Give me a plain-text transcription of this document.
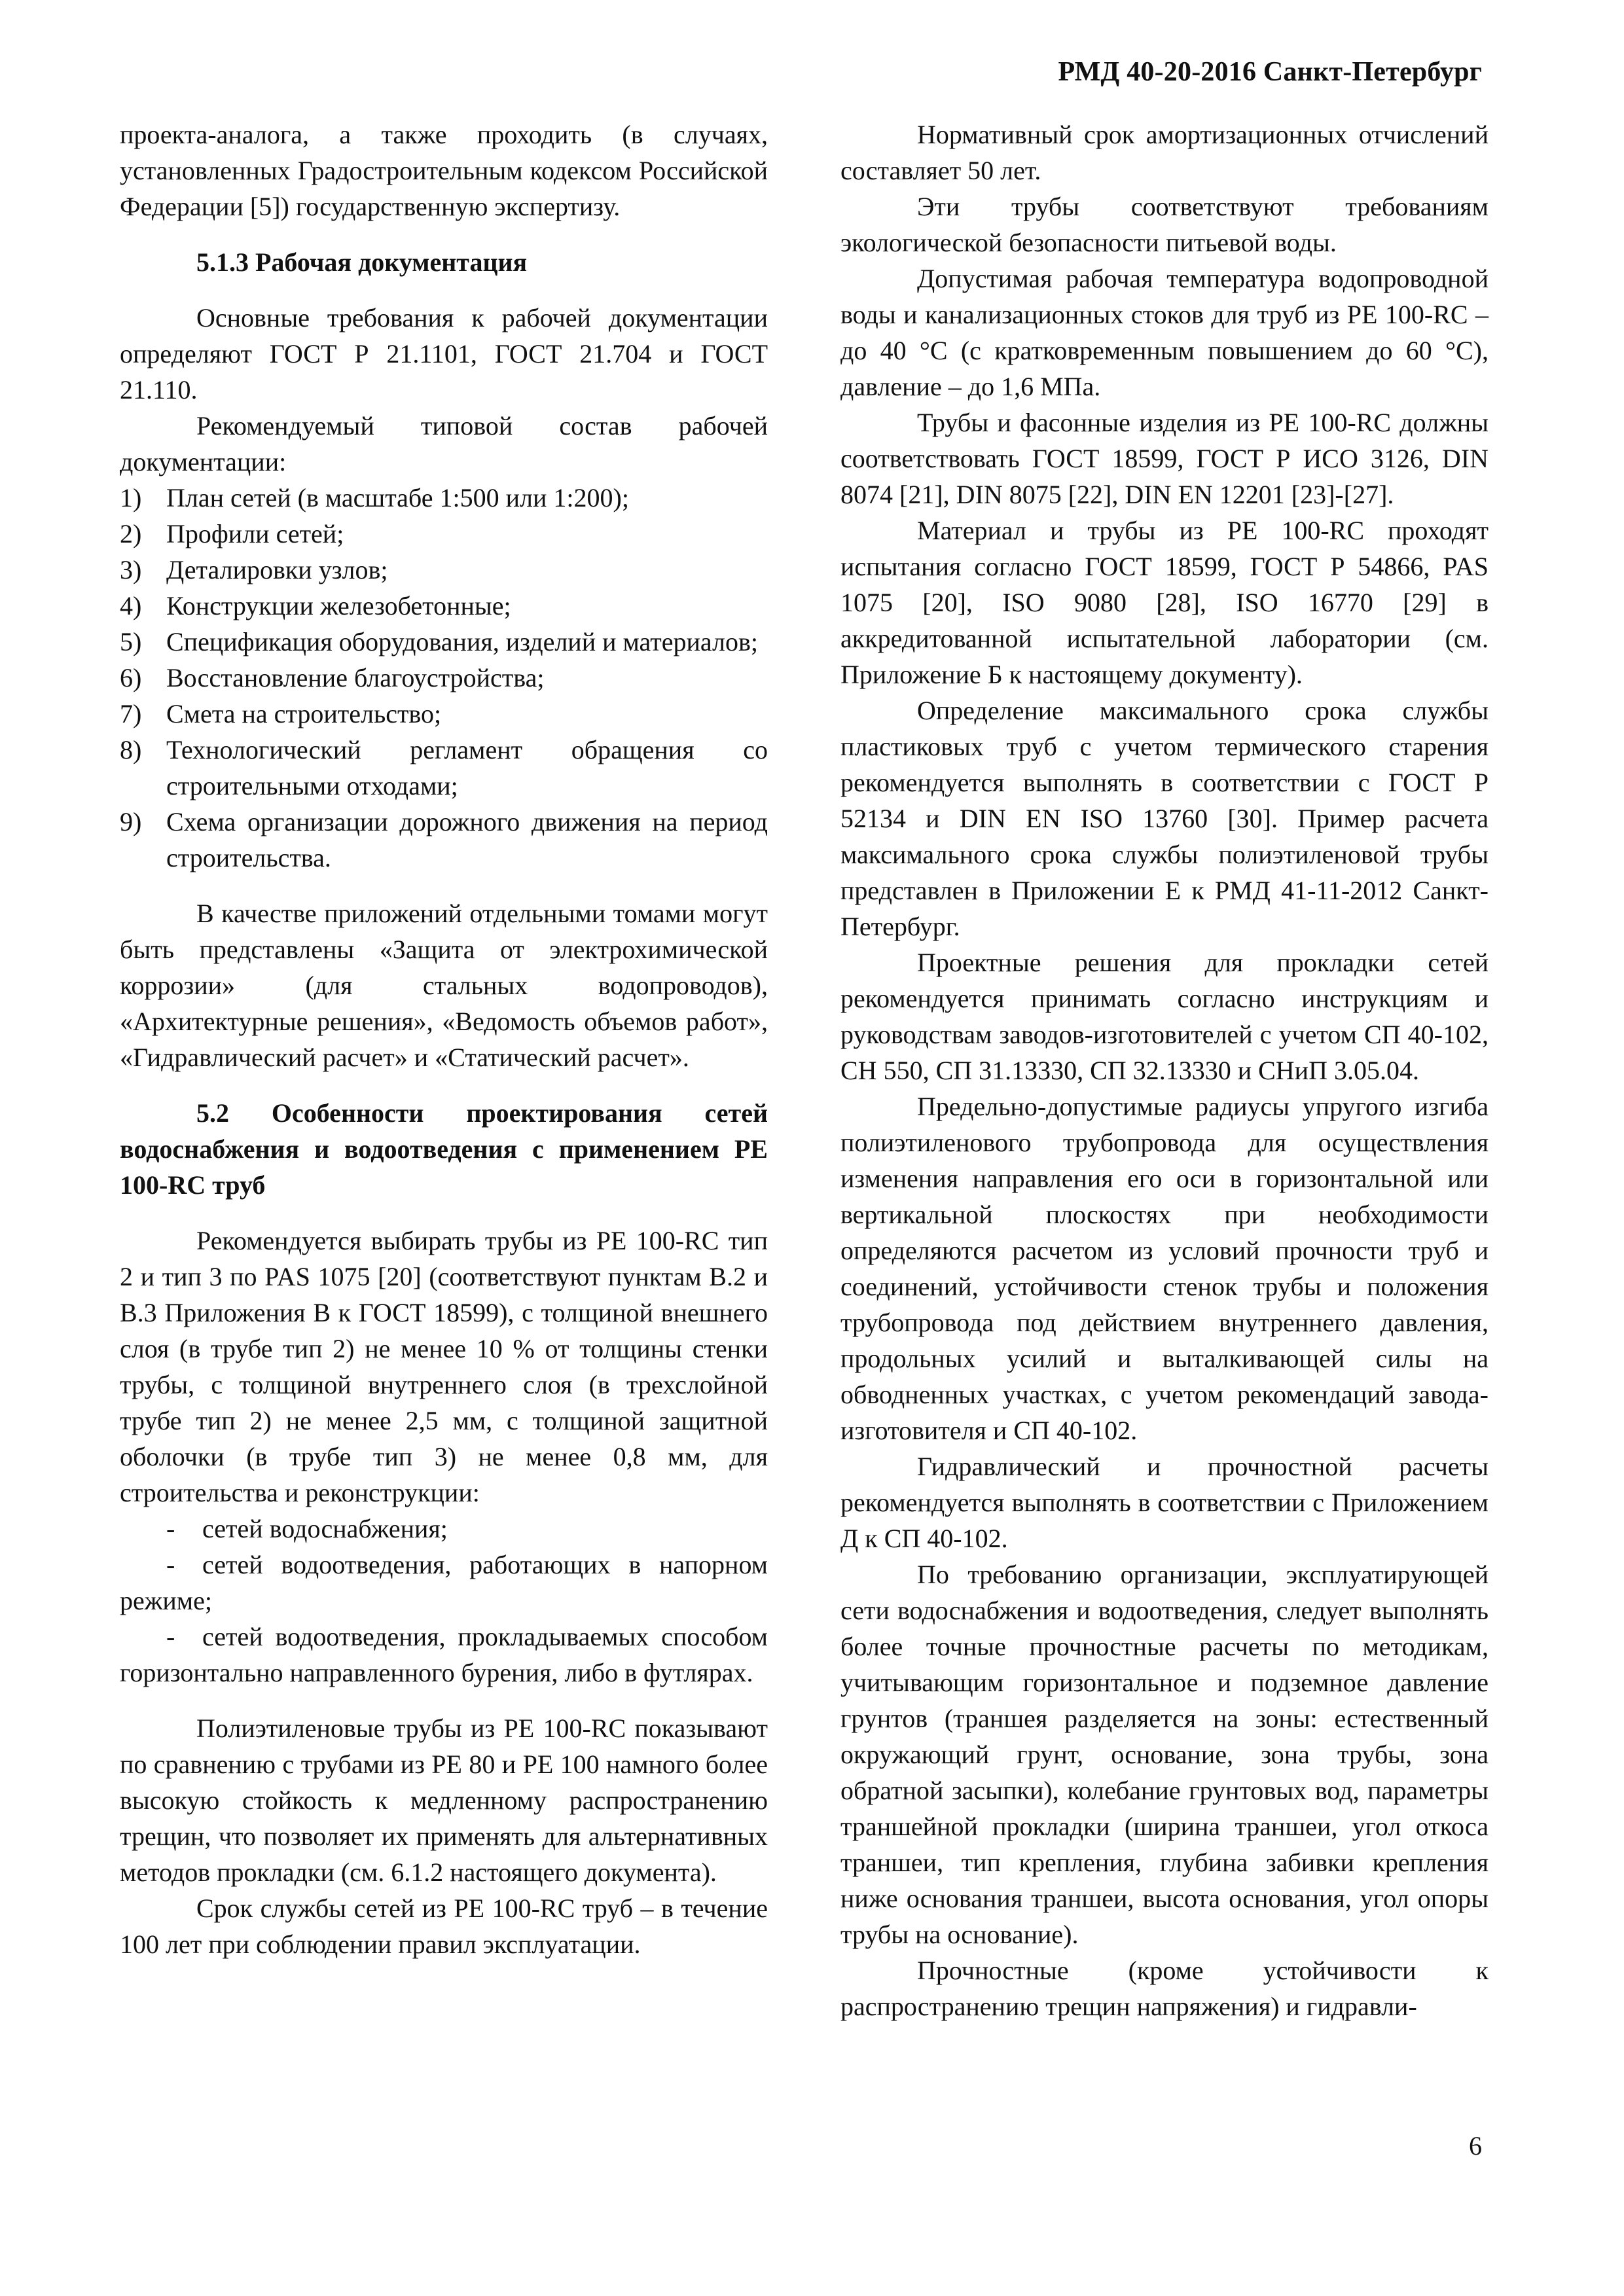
РМД 40-20-2016 Санкт-Петербург

проекта-аналога, а также проходить (в случаях, установленных Градостроительным кодексом Российской Федерации [5]) государственную экспертизу.

5.1.3 Рабочая документация

Основные требования к рабочей документации определяют ГОСТ Р 21.1101, ГОСТ 21.704 и ГОСТ 21.110.

Рекомендуемый типовой состав рабочей документации:

1) План сетей (в масштабе 1:500 или 1:200);
2) Профили сетей;
3) Деталировки узлов;
4) Конструкции железобетонные;
5) Спецификация оборудования, изделий и материалов;
6) Восстановление благоустройства;
7) Смета на строительство;
8) Технологический регламент обращения со строительными отходами;
9) Схема организации дорожного движения на период строительства.

В качестве приложений отдельными томами могут быть представлены «Защита от электрохимической коррозии» (для стальных водопроводов), «Архитектурные решения», «Ведомость объемов работ», «Гидравлический расчет» и «Статический расчет».

5.2 Особенности проектирования сетей водоснабжения и водоотведения с применением PE 100-RC труб

Рекомендуется выбирать трубы из PE 100-RC тип 2 и тип 3 по PAS 1075 [20] (соответствуют пунктам В.2 и В.3 Приложения В к ГОСТ 18599), с толщиной внешнего слоя (в трубе тип 2) не менее 10 % от толщины стенки трубы, с толщиной внутреннего слоя (в трехслойной трубе тип 2) не менее 2,5 мм, с толщиной защитной оболочки (в трубе тип 3) не менее 0,8 мм, для строительства и реконструкции:

- сетей водоснабжения;
- сетей водоотведения, работающих в напорном режиме;
- сетей водоотведения, прокладываемых способом горизонтально направленного бурения, либо в футлярах.

Полиэтиленовые трубы из PE 100-RC показывают по сравнению с трубами из PE 80 и PE 100 намного более высокую стойкость к медленному распространению трещин, что позволяет их применять для альтернативных методов прокладки (см. 6.1.2 настоящего документа).

Срок службы сетей из PE 100-RC труб – в течение 100 лет при соблюдении правил эксплуатации.

Нормативный срок амортизационных отчислений составляет 50 лет.

Эти трубы соответствуют требованиям экологической безопасности питьевой воды.

Допустимая рабочая температура водопроводной воды и канализационных стоков для труб из PE 100-RC – до 40 °С (с кратковременным повышением до 60 °С), давление – до 1,6 МПа.

Трубы и фасонные изделия из PE 100-RC должны соответствовать ГОСТ 18599, ГОСТ Р ИСО 3126, DIN 8074 [21], DIN 8075 [22], DIN EN 12201 [23]-[27].

Материал и трубы из PE 100-RC проходят испытания согласно ГОСТ 18599, ГОСТ Р 54866, PAS 1075 [20], ISO 9080 [28], ISO 16770 [29] в аккредитованной испытательной лаборатории (см. Приложение Б к настоящему документу).

Определение максимального срока службы пластиковых труб с учетом термического старения рекомендуется выполнять в соответствии с ГОСТ Р 52134 и DIN EN ISO 13760 [30]. Пример расчета максимального срока службы полиэтиленовой трубы представлен в Приложении Е к РМД 41-11-2012 Санкт-Петербург.

Проектные решения для прокладки сетей рекомендуется принимать согласно инструкциям и руководствам заводов-изготовителей с учетом СП 40-102, СН 550, СП 31.13330, СП 32.13330 и СНиП 3.05.04.

Предельно-допустимые радиусы упругого изгиба полиэтиленового трубопровода для осуществления изменения направления его оси в горизонтальной или вертикальной плоскостях при необходимости определяются расчетом из условий прочности труб и соединений, устойчивости стенок трубы и положения трубопровода под действием внутреннего давления, продольных усилий и выталкивающей силы на обводненных участках, с учетом рекомендаций завода-изготовителя и СП 40-102.

Гидравлический и прочностной расчеты рекомендуется выполнять в соответствии с Приложением Д к СП 40-102.

По требованию организации, эксплуатирующей сети водоснабжения и водоотведения, следует выполнять более точные прочностные расчеты по методикам, учитывающим горизонтальное и подземное давление грунтов (траншея разделяется на зоны: естественный окружающий грунт, основание, зона трубы, зона обратной засыпки), колебание грунтовых вод, параметры траншейной прокладки (ширина траншеи, угол откоса траншеи, тип крепления, глубина забивки крепления ниже основания траншеи, высота основания, угол опоры трубы на основание).

Прочностные (кроме устойчивости к распространению трещин напряжения) и гидравли-

6
